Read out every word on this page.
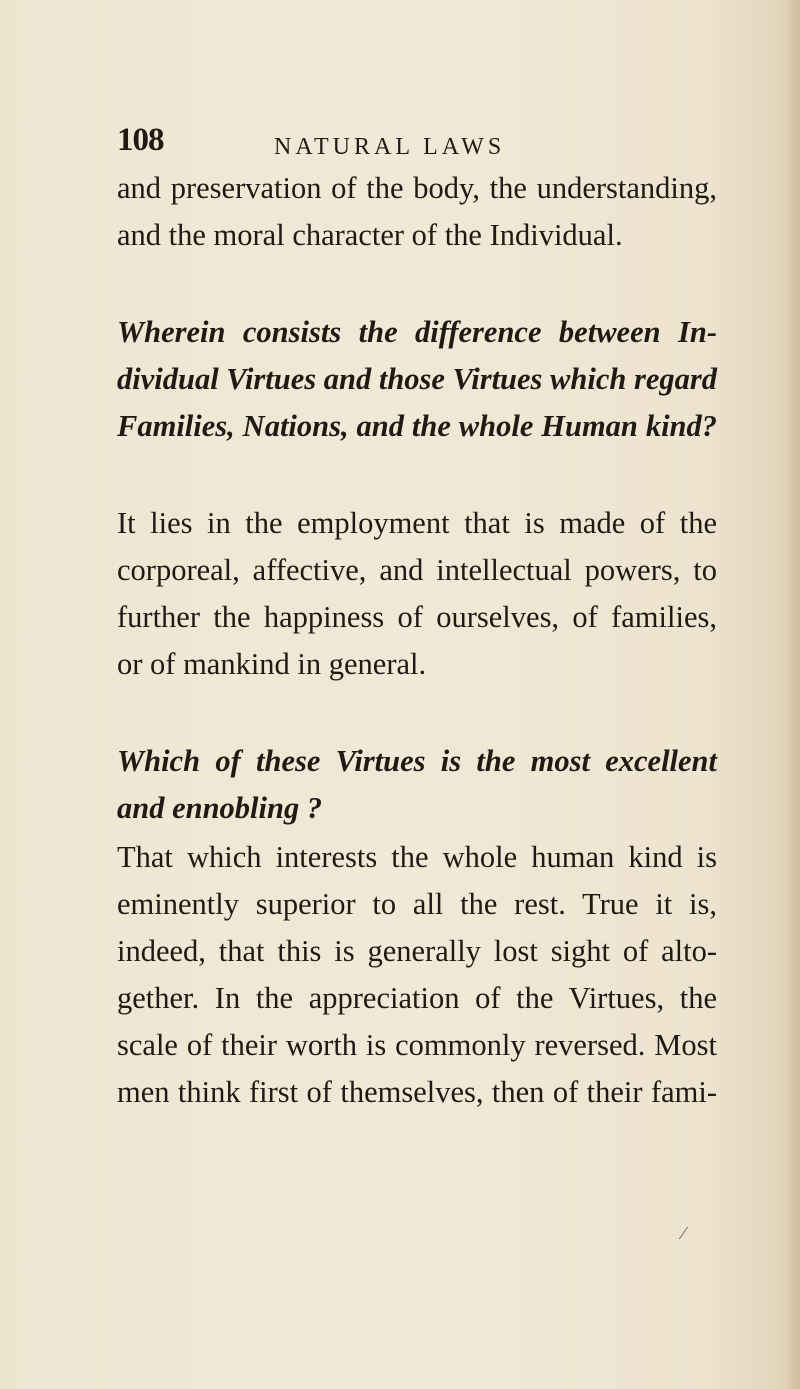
108	NATURAL LAWS

and preservation of the body, the understanding,
and the moral character of the Individual.

Wherein consists the difference between In-
dividual Virtues and those Virtues which regard
Families, Nations, and the whole Human kind?

It lies in the employment that is made of the
corporeal, affective, and intellectual powers, to
further the happiness of ourselves, of families,
or of mankind in general.

Which of these Virtues is the most excellent
and ennobling ?

That which interests the whole human kind is
eminently superior to all the rest. True it is,
indeed, that this is generally lost sight of alto-
gether. In the appreciation of the Virtues, the
scale of their worth is commonly reversed. Most
men think first of themselves, then of their fami-

⁄
